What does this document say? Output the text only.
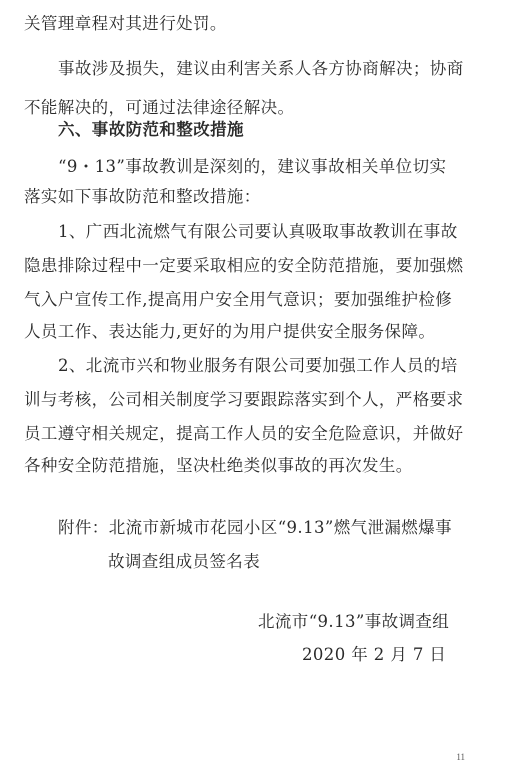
关管理章程对其进行处罚。
事故涉及损失，建议由利害关系人各方协商解决；协商
不能解决的，可通过法律途径解决。
六、事故防范和整改措施
“9・13”事故教训是深刻的，建议事故相关单位切实
落实如下事故防范和整改措施：
1、广西北流燃气有限公司要认真吸取事故教训在事故
隐患排除过程中一定要采取相应的安全防范措施，要加强燃
气入户宣传工作,提高用户安全用气意识；要加强维护检修
人员工作、表达能力,更好的为用户提供安全服务保障。
2、北流市兴和物业服务有限公司要加强工作人员的培
训与考核，公司相关制度学习要跟踪落实到个人，严格要求
员工遵守相关规定，提高工作人员的安全危险意识，并做好
各种安全防范措施，坚决杜绝类似事故的再次发生。
附件：北流市新城市花园小区“9.13”燃气泄漏燃爆事
故调查组成员签名表
北流市“9.13”事故调查组
2020 年 2 月 7 日
11
